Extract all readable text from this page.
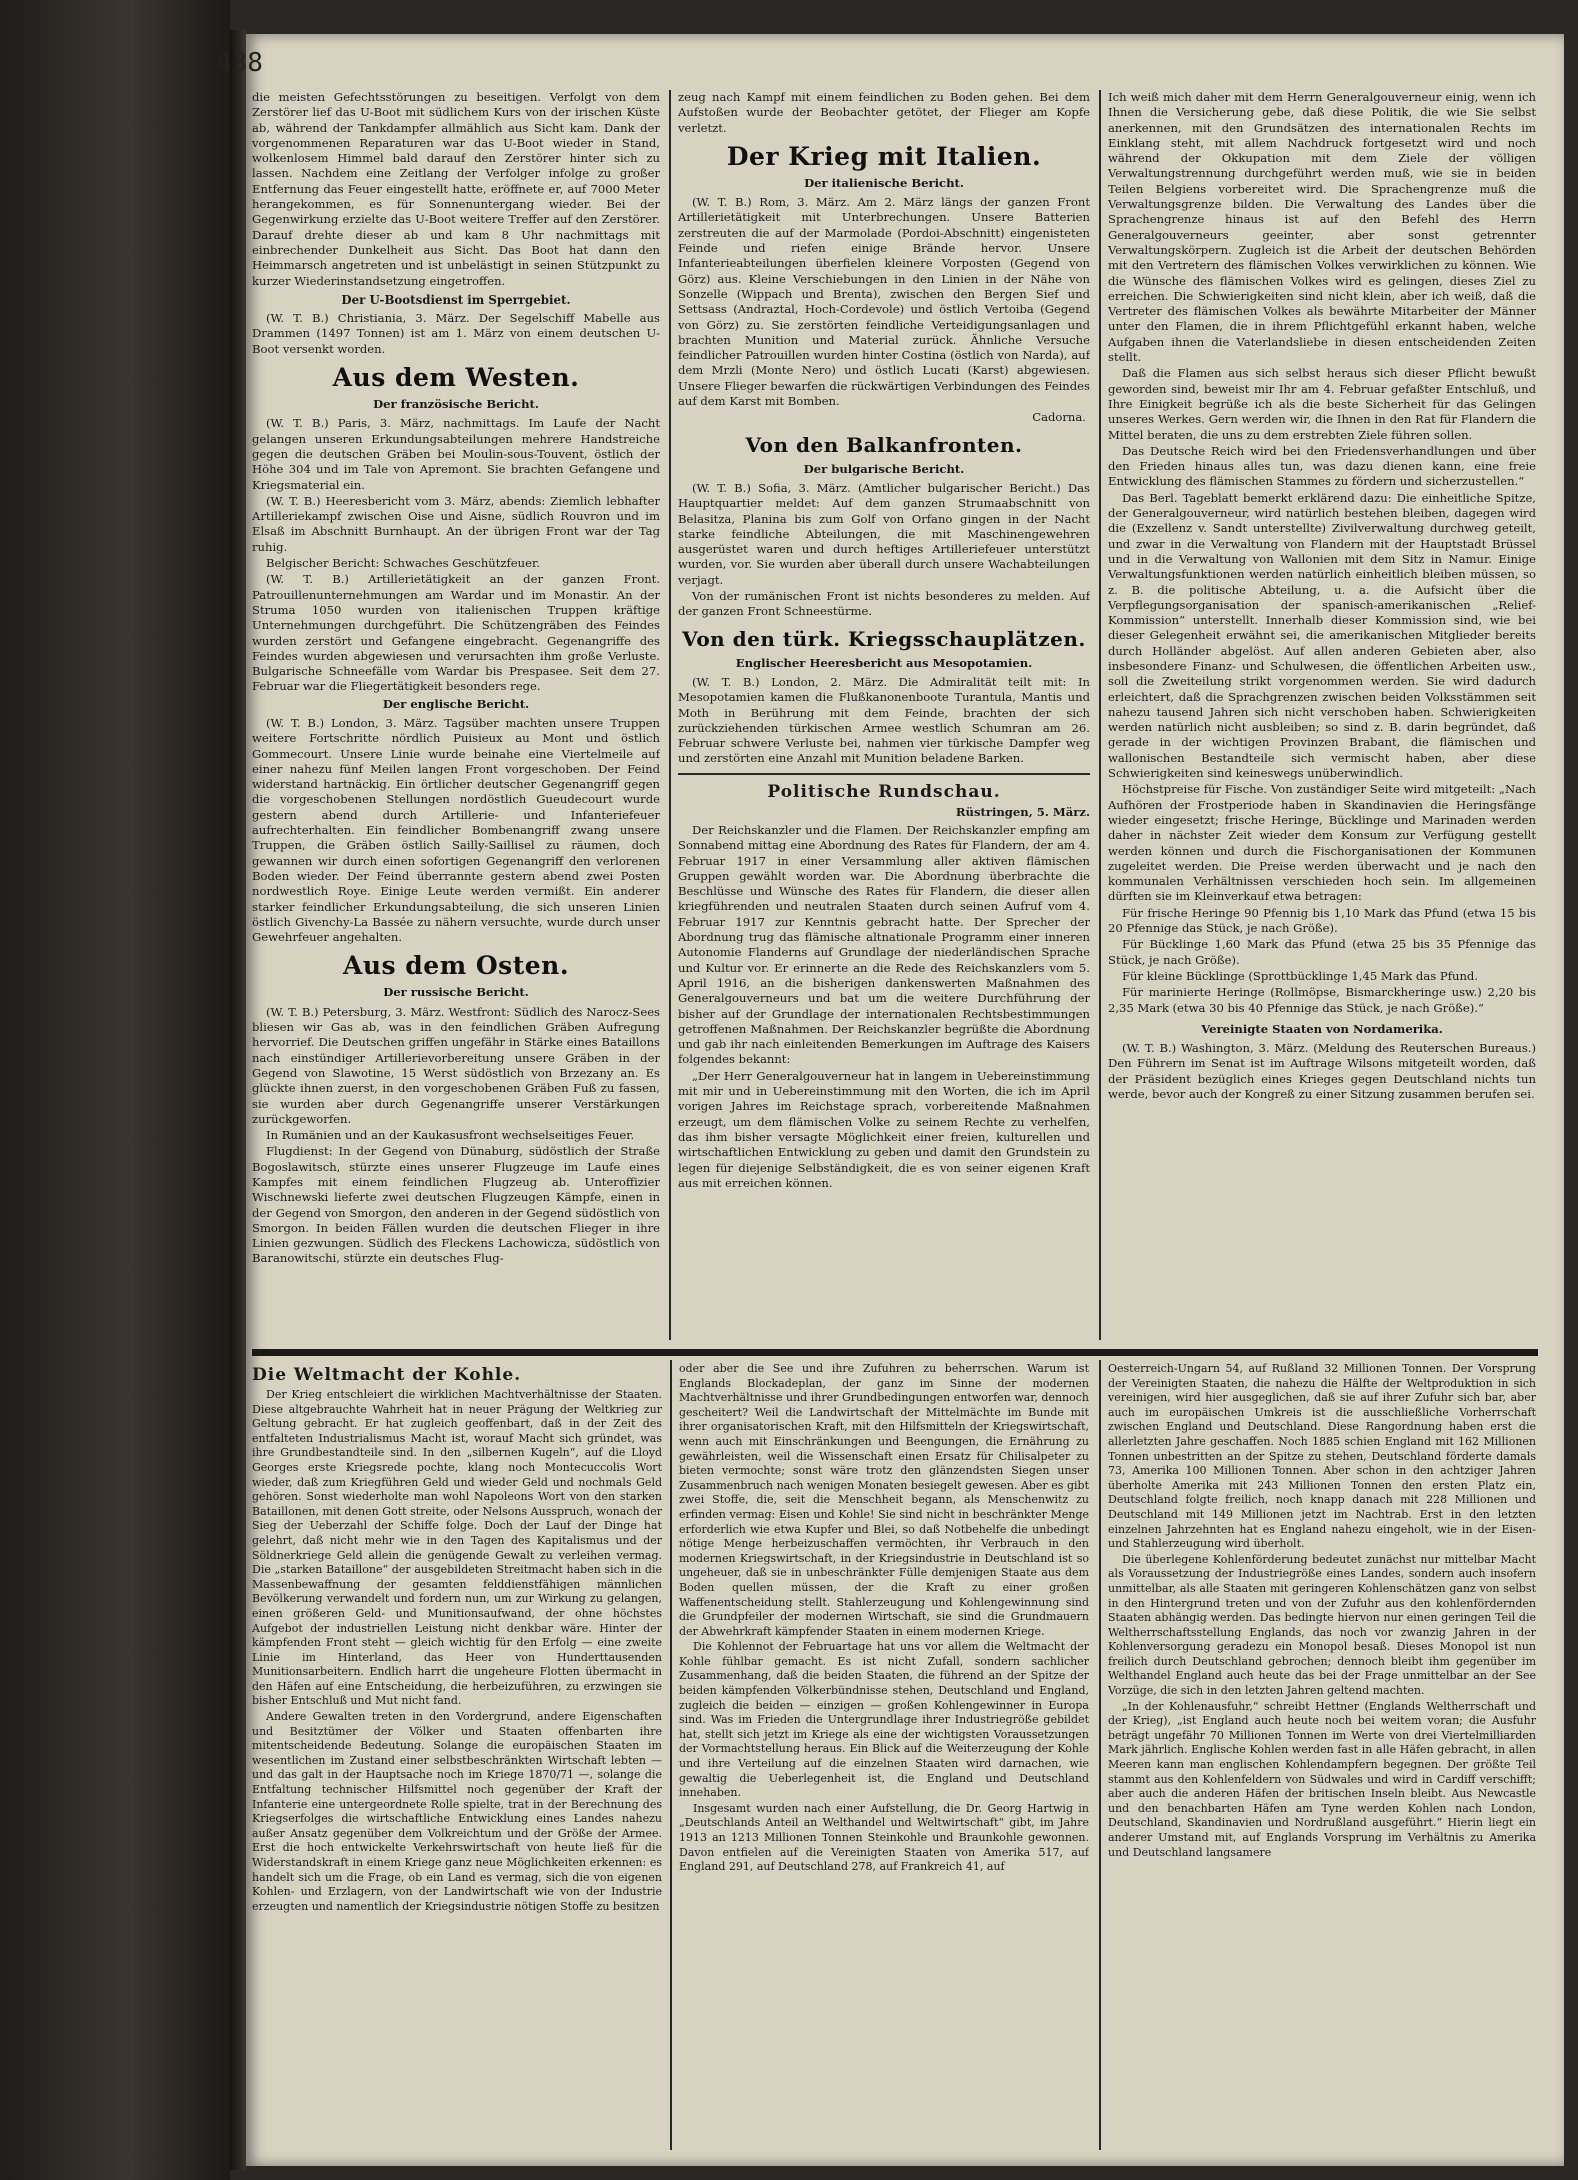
438

die meisten Gefechtsstörungen zu beseitigen. Verfolgt von dem Zerstörer lief das U-Boot mit südlichem Kurs von der irischen Küste ab, während der Tankdampfer allmählich aus Sicht kam. Dank der vorgenommenen Reparaturen war das U-Boot wieder in Stand, wolkenlosem Himmel bald darauf den Zerstörer hinter sich zu lassen. Nachdem eine Zeitlang der Verfolger infolge zu großer Entfernung das Feuer eingestellt hatte, eröffnete er, auf 7000 Meter herangekommen, es für Sonnenuntergang wieder. Bei der Gegenwirkung erzielte das U-Boot weitere Treffer auf den Zerstörer. Darauf drehte dieser ab und kam 8 Uhr nachmittags mit einbrechender Dunkelheit aus Sicht. Das Boot hat dann den Heimmarsch angetreten und ist unbelästigt in seinen Stützpunkt zu kurzer Wiederinstandsetzung eingetroffen.

Der U-Bootsdienst im Sperrgebiet.

(W. T. B.) Christiania, 3. März. Der Segelschiff Mabelle aus Drammen (1497 Tonnen) ist am 1. März von einem deutschen U-Boot versenkt worden.

Aus dem Westen.
Der französische Bericht.

(W. T. B.) Paris, 3. März, nachmittags. Im Laufe der Nacht gelangen unseren Erkundungsabteilungen mehrere Handstreiche gegen die deutschen Gräben bei Moulin-sous-Touvent, östlich der Höhe 304 und im Tale von Apremont. Sie brachten Gefangene und Kriegsmaterial ein.

(W. T. B.) Heeresbericht vom 3. März, abends: Ziemlich lebhafter Artilleriekampf zwischen Oise und Aisne, südlich Rouvron und im Elsaß im Abschnitt Burnhaupt. An der übrigen Front war der Tag ruhig.

Belgischer Bericht: Schwaches Geschützfeuer.

(W. T. B.) Artillerietätigkeit an der ganzen Front. Patrouillenunternehmungen am Wardar und im Monastir. An der Struma 1050 wurden von italienischen Truppen kräftige Unternehmungen durchgeführt. Die Schützengräben des Feindes wurden zerstört und Gefangene eingebracht. Gegenangriffe des Feindes wurden abgewiesen und verursachten ihm große Verluste. Bulgarische Schneefälle vom Wardar bis Prespasee. Seit dem 27. Februar war die Fliegertätigkeit besonders rege.

Der englische Bericht.

(W. T. B.) London, 3. März. Tagsüber machten unsere Truppen weitere Fortschritte nördlich Puisieux au Mont und östlich Gommecourt. Unsere Linie wurde beinahe eine Viertelmeile auf einer nahezu fünf Meilen langen Front vorgeschoben. Der Feind widerstand hartnäckig. Ein örtlicher deutscher Gegenangriff gegen die vorgeschobenen Stellungen nordöstlich Gueudecourt wurde gestern abend durch Artillerie- und Infanteriefeuer aufrechterhalten. Ein feindlicher Bombenangriff zwang unsere Truppen, die Gräben östlich Sailly-Saillisel zu räumen, doch gewannen wir durch einen sofortigen Gegenangriff den verlorenen Boden wieder. Der Feind überrannte gestern abend zwei Posten nordwestlich Roye. Einige Leute werden vermißt. Ein anderer starker feindlicher Erkundungsabteilung, die sich unseren Linien östlich Givenchy-La Bassée zu nähern versuchte, wurde durch unser Gewehrfeuer angehalten.

Aus dem Osten.
Der russische Bericht.

(W. T. B.) Petersburg, 3. März. Westfront: Südlich des Narocz-Sees bliesen wir Gas ab, was in den feindlichen Gräben Aufregung hervorrief. Die Deutschen griffen ungefähr in Stärke eines Bataillons nach einstündiger Artillerievorbereitung unsere Gräben in der Gegend von Slawotine, 15 Werst südöstlich von Brzezany an. Es glückte ihnen zuerst, in den vorgeschobenen Gräben Fuß zu fassen, sie wurden aber durch Gegenangriffe unserer Verstärkungen zurückgeworfen.

In Rumänien und an der Kaukasusfront wechselseitiges Feuer.

Flugdienst: In der Gegend von Dünaburg, südöstlich der Straße Bogoslawitsch, stürzte eines unserer Flugzeuge im Laufe eines Kampfes mit einem feindlichen Flugzeug ab. Unteroffizier Wischnewski lieferte zwei deutschen Flugzeugen Kämpfe, einen in der Gegend von Smorgon, den anderen in der Gegend südöstlich von Smorgon. In beiden Fällen wurden die deutschen Flieger in ihre Linien gezwungen. Südlich des Fleckens Lachowicza, südöstlich von Baranowitschi, stürzte ein deutsches Flug-

zeug nach Kampf mit einem feindlichen zu Boden gehen. Bei dem Aufstoßen wurde der Beobachter getötet, der Flieger am Kopfe verletzt.

Der Krieg mit Italien.
Der italienische Bericht.

(W. T. B.) Rom, 3. März. Am 2. März längs der ganzen Front Artillerietätigkeit mit Unterbrechungen. Unsere Batterien zerstreuten die auf der Marmolade (Pordoi-Abschnitt) eingenisteten Feinde und riefen einige Brände hervor. Unsere Infanterieabteilungen überfielen kleinere Vorposten (Gegend von Görz) aus. Kleine Verschiebungen in den Linien in der Nähe von Sonzelle (Wippach und Brenta), zwischen den Bergen Sief und Settsass (Andraztal, Hoch-Cordevole) und östlich Vertoiba (Gegend von Görz) zu. Sie zerstörten feindliche Verteidigungsanlagen und brachten Munition und Material zurück. Ähnliche Versuche feindlicher Patrouillen wurden hinter Costina (östlich von Narda), auf dem Mrzli (Monte Nero) und östlich Lucati (Karst) abgewiesen. Unsere Flieger bewarfen die rückwärtigen Verbindungen des Feindes auf dem Karst mit Bomben.

Cadorna.
Von den Balkanfronten.
Der bulgarische Bericht.

(W. T. B.) Sofia, 3. März. (Amtlicher bulgarischer Bericht.) Das Hauptquartier meldet: Auf dem ganzen Strumaabschnitt von Belasitza, Planina bis zum Golf von Orfano gingen in der Nacht starke feindliche Abteilungen, die mit Maschinengewehren ausgerüstet waren und durch heftiges Artilleriefeuer unterstützt wurden, vor. Sie wurden aber überall durch unsere Wachabteilungen verjagt.

Von der rumänischen Front ist nichts besonderes zu melden. Auf der ganzen Front Schneestürme.

Von den türk. Kriegsschauplätzen.
Englischer Heeresbericht aus Mesopotamien.

(W. T. B.) London, 2. März. Die Admiralität teilt mit: In Mesopotamien kamen die Flußkanonenboote Turantula, Mantis und Moth in Berührung mit dem Feinde, brachten der sich zurückziehenden türkischen Armee westlich Schumran am 26. Februar schwere Verluste bei, nahmen vier türkische Dampfer weg und zerstörten eine Anzahl mit Munition beladene Barken.

Politische Rundschau.
Rüstringen, 5. März.

Der Reichskanzler und die Flamen. Der Reichskanzler empfing am Sonnabend mittag eine Abordnung des Rates für Flandern, der am 4. Februar 1917 in einer Versammlung aller aktiven flämischen Gruppen gewählt worden war. Die Abordnung überbrachte die Beschlüsse und Wünsche des Rates für Flandern, die dieser allen kriegführenden und neutralen Staaten durch seinen Aufruf vom 4. Februar 1917 zur Kenntnis gebracht hatte. Der Sprecher der Abordnung trug das flämische altnationale Programm einer inneren Autonomie Flanderns auf Grundlage der niederländischen Sprache und Kultur vor. Er erinnerte an die Rede des Reichskanzlers vom 5. April 1916, an die bisherigen dankenswerten Maßnahmen des Generalgouverneurs und bat um die weitere Durchführung der bisher auf der Grundlage der internationalen Rechtsbestimmungen getroffenen Maßnahmen. Der Reichskanzler begrüßte die Abordnung und gab ihr nach einleitenden Bemerkungen im Auftrage des Kaisers folgendes bekannt:

„Der Herr Generalgouverneur hat in langem in Uebereinstimmung mit mir und in Uebereinstimmung mit den Worten, die ich im April vorigen Jahres im Reichstage sprach, vorbereitende Maßnahmen erzeugt, um dem flämischen Volke zu seinem Rechte zu verhelfen, das ihm bisher versagte Möglichkeit einer freien, kulturellen und wirtschaftlichen Entwicklung zu geben und damit den Grundstein zu legen für diejenige Selbständigkeit, die es von seiner eigenen Kraft aus mit erreichen können.

Ich weiß mich daher mit dem Herrn Generalgouverneur einig, wenn ich Ihnen die Versicherung gebe, daß diese Politik, die wie Sie selbst anerkennen, mit den Grundsätzen des internationalen Rechts im Einklang steht, mit allem Nachdruck fortgesetzt wird und noch während der Okkupation mit dem Ziele der völligen Verwaltungstrennung durchgeführt werden muß, wie sie in beiden Teilen Belgiens vorbereitet wird. Die Sprachengrenze muß die Verwaltungsgrenze bilden. Die Verwaltung des Landes über die Sprachengrenze hinaus ist auf den Befehl des Herrn Generalgouverneurs geeinter, aber sonst getrennter Verwaltungskörpern. Zugleich ist die Arbeit der deutschen Behörden mit den Vertretern des flämischen Volkes verwirklichen zu können. Wie die Wünsche des flämischen Volkes wird es gelingen, dieses Ziel zu erreichen. Die Schwierigkeiten sind nicht klein, aber ich weiß, daß die Vertreter des flämischen Volkes als bewährte Mitarbeiter der Männer unter den Flamen, die in ihrem Pflichtgefühl erkannt haben, welche Aufgaben ihnen die Vaterlandsliebe in diesen entscheidenden Zeiten stellt.

Daß die Flamen aus sich selbst heraus sich dieser Pflicht bewußt geworden sind, beweist mir Ihr am 4. Februar gefaßter Entschluß, und Ihre Einigkeit begrüße ich als die beste Sicherheit für das Gelingen unseres Werkes. Gern werden wir, die Ihnen in den Rat für Flandern die Mittel beraten, die uns zu dem erstrebten Ziele führen sollen.

Das Deutsche Reich wird bei den Friedensverhandlungen und über den Frieden hinaus alles tun, was dazu dienen kann, eine freie Entwicklung des flämischen Stammes zu fördern und sicherzustellen.“

Das Berl. Tageblatt bemerkt erklärend dazu: Die einheitliche Spitze, der Generalgouverneur, wird natürlich bestehen bleiben, dagegen wird die (Exzellenz v. Sandt unterstellte) Zivilverwaltung durchweg geteilt, und zwar in die Verwaltung von Flandern mit der Hauptstadt Brüssel und in die Verwaltung von Wallonien mit dem Sitz in Namur. Einige Verwaltungsfunktionen werden natürlich einheitlich bleiben müssen, so z. B. die politische Abteilung, u. a. die Aufsicht über die Verpflegungsorganisation der spanisch-amerikanischen „Relief-Kommission“ unterstellt. Innerhalb dieser Kommission sind, wie bei dieser Gelegenheit erwähnt sei, die amerikanischen Mitglieder bereits durch Holländer abgelöst. Auf allen anderen Gebieten aber, also insbesondere Finanz- und Schulwesen, die öffentlichen Arbeiten usw., soll die Zweiteilung strikt vorgenommen werden. Sie wird dadurch erleichtert, daß die Sprachgrenzen zwischen beiden Volksstämmen seit nahezu tausend Jahren sich nicht verschoben haben. Schwierigkeiten werden natürlich nicht ausbleiben; so sind z. B. darin begründet, daß gerade in der wichtigen Provinzen Brabant, die flämischen und wallonischen Bestandteile sich vermischt haben, aber diese Schwierigkeiten sind keineswegs unüberwindlich.

Höchstpreise für Fische. Von zuständiger Seite wird mitgeteilt: „Nach Aufhören der Frostperiode haben in Skandinavien die Heringsfänge wieder eingesetzt; frische Heringe, Bücklinge und Marinaden werden daher in nächster Zeit wieder dem Konsum zur Verfügung gestellt werden können und durch die Fischorganisationen der Kommunen zugeleitet werden. Die Preise werden überwacht und je nach den kommunalen Verhältnissen verschieden hoch sein. Im allgemeinen dürften sie im Kleinverkauf etwa betragen:

Für frische Heringe 90 Pfennig bis 1,10 Mark das Pfund (etwa 15 bis 20 Pfennige das Stück, je nach Größe).

Für Bücklinge 1,60 Mark das Pfund (etwa 25 bis 35 Pfennige das Stück, je nach Größe).

Für kleine Bücklinge (Sprottbücklinge 1,45 Mark das Pfund.

Für marinierte Heringe (Rollmöpse, Bismarckheringe usw.) 2,20 bis 2,35 Mark (etwa 30 bis 40 Pfennige das Stück, je nach Größe).“

Vereinigte Staaten von Nordamerika.

(W. T. B.) Washington, 3. März. (Meldung des Reuterschen Bureaus.) Den Führern im Senat ist im Auftrage Wilsons mitgeteilt worden, daß der Präsident bezüglich eines Krieges gegen Deutschland nichts tun werde, bevor auch der Kongreß zu einer Sitzung zusammen berufen sei.

Die Weltmacht der Kohle.

Der Krieg entschleiert die wirklichen Machtverhältnisse der Staaten. Diese altgebrauchte Wahrheit hat in neuer Prägung der Weltkrieg zur Geltung gebracht. Er hat zugleich geoffenbart, daß in der Zeit des entfalteten Industrialismus Macht ist, worauf Macht sich gründet, was ihre Grundbestandteile sind. In den „silbernen Kugeln“, auf die Lloyd Georges erste Kriegsrede pochte, klang noch Montecuccolis Wort wieder, daß zum Kriegführen Geld und wieder Geld und nochmals Geld gehören. Sonst wiederholte man wohl Napoleons Wort von den starken Bataillonen, mit denen Gott streite, oder Nelsons Ausspruch, wonach der Sieg der Ueberzahl der Schiffe folge. Doch der Lauf der Dinge hat gelehrt, daß nicht mehr wie in den Tagen des Kapitalismus und der Söldnerkriege Geld allein die genügende Gewalt zu verleihen vermag. Die „starken Bataillone“ der ausgebildeten Streitmacht haben sich in die Massenbewaffnung der gesamten felddienstfähigen männlichen Bevölkerung verwandelt und fordern nun, um zur Wirkung zu gelangen, einen größeren Geld- und Munitionsaufwand, der ohne höchstes Aufgebot der industriellen Leistung nicht denkbar wäre. Hinter der kämpfenden Front steht — gleich wichtig für den Erfolg — eine zweite Linie im Hinterland, das Heer von Hunderttausenden Munitionsarbeitern. Endlich harrt die ungeheure Flotten übermacht in den Häfen auf eine Entscheidung, die herbeizuführen, zu erzwingen sie bisher Entschluß und Mut nicht fand.

Andere Gewalten treten in den Vordergrund, andere Eigenschaften und Besitztümer der Völker und Staaten offenbarten ihre mitentscheidende Bedeutung. Solange die europäischen Staaten im wesentlichen im Zustand einer selbstbeschränkten Wirtschaft lebten — und das galt in der Hauptsache noch im Kriege 1870/71 —, solange die Entfaltung technischer Hilfsmittel noch gegenüber der Kraft der Infanterie eine untergeordnete Rolle spielte, trat in der Berechnung des Kriegserfolges die wirtschaftliche Entwicklung eines Landes nahezu außer Ansatz gegenüber dem Volkreichtum und der Größe der Armee. Erst die hoch entwickelte Verkehrswirtschaft von heute ließ für die Widerstandskraft in einem Kriege ganz neue Möglichkeiten erkennen: es handelt sich um die Frage, ob ein Land es vermag, sich die von eigenen Kohlen- und Erzlagern, von der Landwirtschaft wie von der Industrie erzeugten und namentlich der Kriegsindustrie nötigen Stoffe zu besitzen

oder aber die See und ihre Zufuhren zu beherrschen. Warum ist Englands Blockadeplan, der ganz im Sinne der modernen Machtverhältnisse und ihrer Grundbedingungen entworfen war, dennoch gescheitert? Weil die Landwirtschaft der Mittelmächte im Bunde mit ihrer organisatorischen Kraft, mit den Hilfsmitteln der Kriegswirtschaft, wenn auch mit Einschränkungen und Beengungen, die Ernährung zu gewährleisten, weil die Wissenschaft einen Ersatz für Chilisalpeter zu bieten vermochte; sonst wäre trotz den glänzendsten Siegen unser Zusammenbruch nach wenigen Monaten besiegelt gewesen. Aber es gibt zwei Stoffe, die, seit die Menschheit begann, als Menschenwitz zu erfinden vermag: Eisen und Kohle! Sie sind nicht in beschränkter Menge erforderlich wie etwa Kupfer und Blei, so daß Notbehelfe die unbedingt nötige Menge herbeizuschaffen vermöchten, ihr Verbrauch in den modernen Kriegswirtschaft, in der Kriegsindustrie in Deutschland ist so ungeheuer, daß sie in unbeschränkter Fülle demjenigen Staate aus dem Boden quellen müssen, der die Kraft zu einer großen Waffenentscheidung stellt. Stahlerzeugung und Kohlengewinnung sind die Grundpfeiler der modernen Wirtschaft, sie sind die Grundmauern der Abwehrkraft kämpfender Staaten in einem modernen Kriege.

Die Kohlennot der Februartage hat uns vor allem die Weltmacht der Kohle fühlbar gemacht. Es ist nicht Zufall, sondern sachlicher Zusammenhang, daß die beiden Staaten, die führend an der Spitze der beiden kämpfenden Völkerbündnisse stehen, Deutschland und England, zugleich die beiden — einzigen — großen Kohlengewinner in Europa sind. Was im Frieden die Untergrundlage ihrer Industriegröße gebildet hat, stellt sich jetzt im Kriege als eine der wichtigsten Voraussetzungen der Vormachtstellung heraus. Ein Blick auf die Weiterzeugung der Kohle und ihre Verteilung auf die einzelnen Staaten wird darnachen, wie gewaltig die Ueberlegenheit ist, die England und Deutschland innehaben.

Insgesamt wurden nach einer Aufstellung, die Dr. Georg Hartwig in „Deutschlands Anteil an Welthandel und Weltwirtschaft“ gibt, im Jahre 1913 an 1213 Millionen Tonnen Steinkohle und Braunkohle gewonnen. Davon entfielen auf die Vereinigten Staaten von Amerika 517, auf England 291, auf Deutschland 278, auf Frankreich 41, auf

Oesterreich-Ungarn 54, auf Rußland 32 Millionen Tonnen. Der Vorsprung der Vereinigten Staaten, die nahezu die Hälfte der Weltproduktion in sich vereinigen, wird hier ausgeglichen, daß sie auf ihrer Zufuhr sich bar, aber auch im europäischen Umkreis ist die ausschließliche Vorherrschaft zwischen England und Deutschland. Diese Rangordnung haben erst die allerletzten Jahre geschaffen. Noch 1885 schien England mit 162 Millionen Tonnen unbestritten an der Spitze zu stehen, Deutschland förderte damals 73, Amerika 100 Millionen Tonnen. Aber schon in den achtziger Jahren überholte Amerika mit 243 Millionen Tonnen den ersten Platz ein, Deutschland folgte freilich, noch knapp danach mit 228 Millionen und Deutschland mit 149 Millionen jetzt im Nachtrab. Erst in den letzten einzelnen Jahrzehnten hat es England nahezu eingeholt, wie in der Eisen- und Stahlerzeugung wird überholt.

Die überlegene Kohlenförderung bedeutet zunächst nur mittelbar Macht als Voraussetzung der Industriegröße eines Landes, sondern auch insofern unmittelbar, als alle Staaten mit geringeren Kohlenschätzen ganz von selbst in den Hintergrund treten und von der Zufuhr aus den kohlenfördernden Staaten abhängig werden. Das bedingte hiervon nur einen geringen Teil die Weltherrschaftsstellung Englands, das noch vor zwanzig Jahren in der Kohlenversorgung geradezu ein Monopol besaß. Dieses Monopol ist nun freilich durch Deutschland gebrochen; dennoch bleibt ihm gegenüber im Welthandel England auch heute das bei der Frage unmittelbar an der See Vorzüge, die sich in den letzten Jahren geltend machten.

„In der Kohlenausfuhr,“ schreibt Hettner (Englands Weltherrschaft und der Krieg), „ist England auch heute noch bei weitem voran; die Ausfuhr beträgt ungefähr 70 Millionen Tonnen im Werte von drei Viertelmilliarden Mark jährlich. Englische Kohlen werden fast in alle Häfen gebracht, in allen Meeren kann man englischen Kohlendampfern begegnen. Der größte Teil stammt aus den Kohlenfeldern von Südwales und wird in Cardiff verschifft; aber auch die anderen Häfen der britischen Inseln bleibt. Aus Newcastle und den benachbarten Häfen am Tyne werden Kohlen nach London, Deutschland, Skandinavien und Nordrußland ausgeführt.“ Hierin liegt ein anderer Umstand mit, auf Englands Vorsprung im Verhältnis zu Amerika und Deutschland langsamere
